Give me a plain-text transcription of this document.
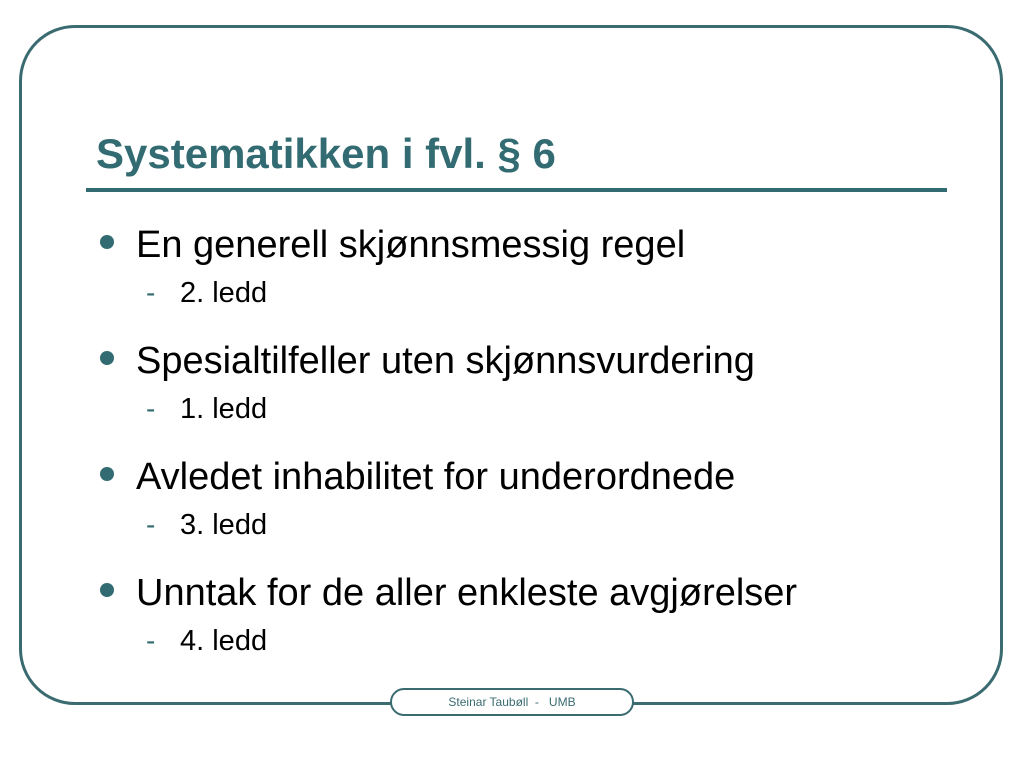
Systematikken i fvl. § 6
En generell skjønnsmessig regel
- 2. ledd
Spesialtilfeller uten skjønnsvurdering
- 1. ledd
Avledet inhabilitet for underordnede
- 3. ledd
Unntak for de aller enkleste avgjørelser
- 4. ledd
Steinar Taubøll  -   UMB
